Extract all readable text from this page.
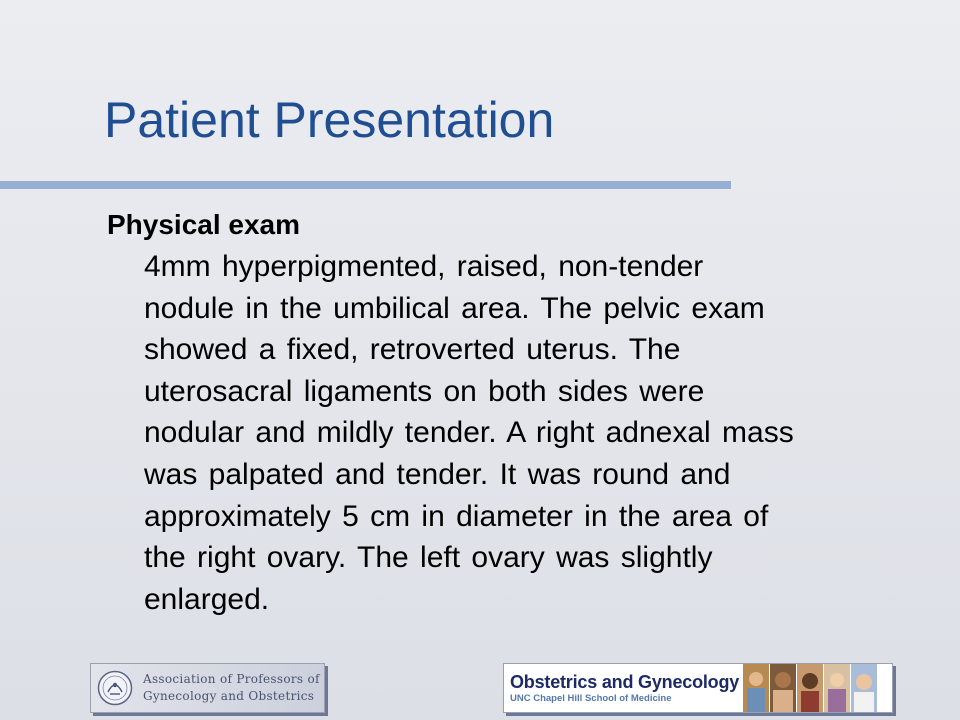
Patient Presentation

Physical exam

4mm hyperpigmented, raised, non-tender
nodule in the umbilical area. The pelvic exam
showed a fixed, retroverted uterus. The
uterosacral ligaments on both sides were
nodular and mildly tender. A right adnexal mass
was palpated and tender. It was round and
approximately 5 cm in diameter in the area of
the right ovary. The left ovary was slightly
enlarged.
Association of Professors of
Gynecology and Obstetrics
Obstetrics and Gynecology
UNC Chapel Hill School of Medicine
